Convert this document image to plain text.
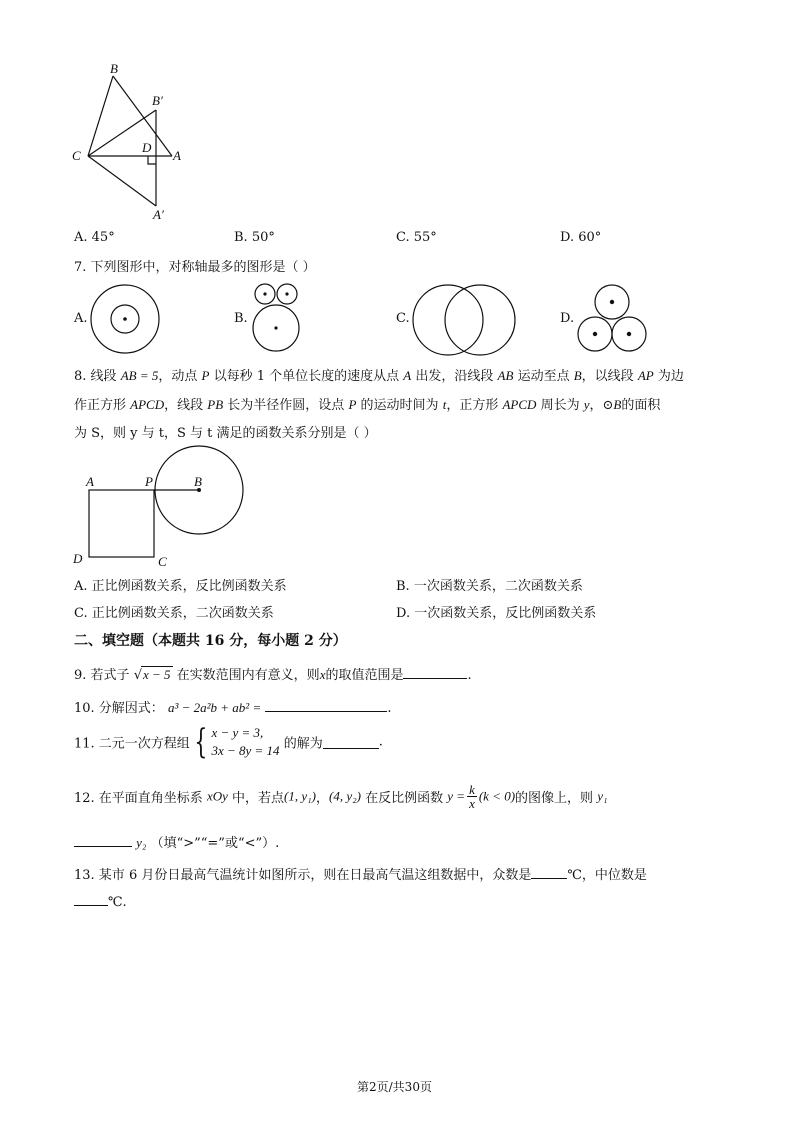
B
B′
C
D
A
A′
A. 45°	B. 50°	C. 55°	D. 60°
7. 下列图形中，对称轴最多的图形是（ ）
A.	B.	C.	D.
8. 线段 AB = 5，动点 P 以每秒 1 个单位长度的速度从点 A 出发，沿线段 AB 运动至点 B，以线段 AP 为边
作正方形 APCD，线段 PB 长为半径作圆，设点 P 的运动时间为 t，正方形 APCD 周长为 y，⊙B的面积
为 S，则 y 与 t，S 与 t 满足的函数关系分别是（ ）
A	P	B
D	C
A. 正比例函数关系，反比例函数关系	B. 一次函数关系，二次函数关系
C. 正比例函数关系，二次函数关系	D. 一次函数关系，反比例函数关系
二、填空题（本题共 16 分，每小题 2 分）
9. 若式子 √x − 5 在实数范围内有意义，则x的取值范围是	.
10. 分解因式： a³ − 2a²b + ab² =	.
11. 二元一次方程组 { x − y = 3,
3x − 8y = 14 的解为	.
12. 在平面直角坐标系 xOy 中，若点(1, y₁)，(4, y₂) 在反比例函数 $y = \frac{k}{x} (k < 0)$的图像上，则 y₁
y₂ （填“>”“=”或“<”）.
13. 某市 6 月份日最高气温统计如图所示，则在日最高气温这组数据中，众数是	℃，中位数是
℃.
第2页/共30页
